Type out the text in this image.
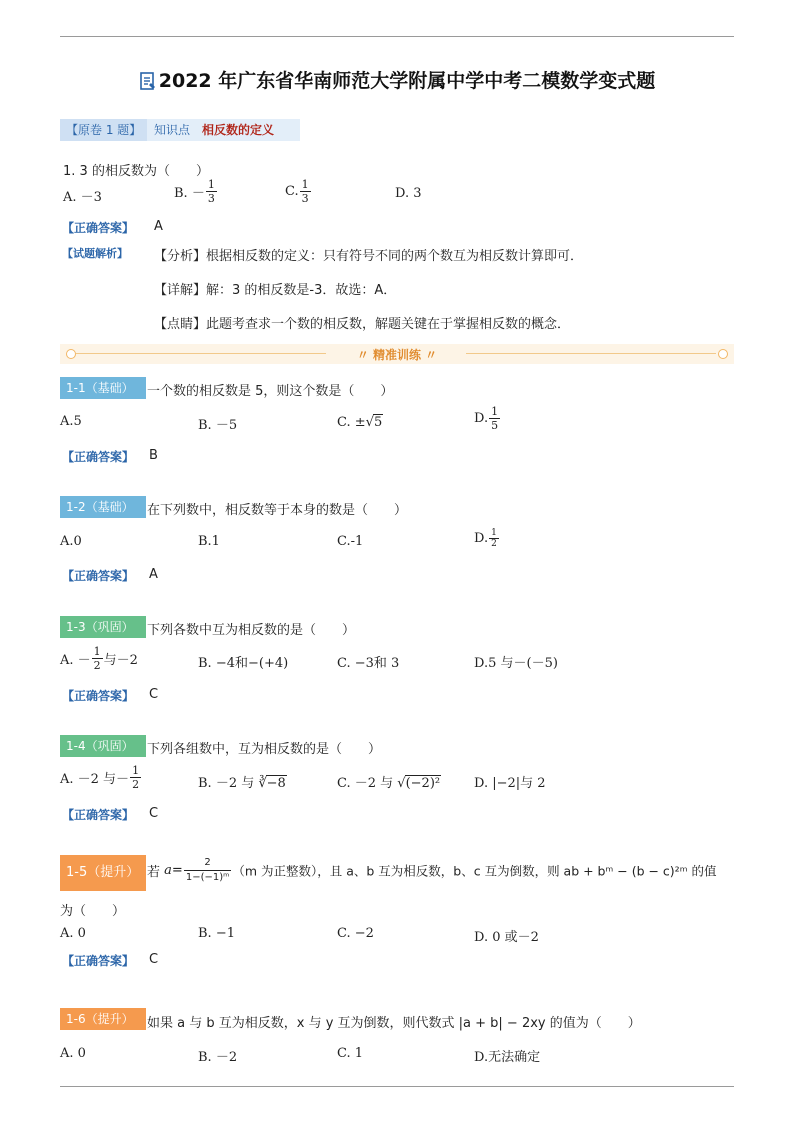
2022 年广东省华南师范大学附属中学中考二模数学变式题
【原卷 1 题】	知识点 相反数的定义
1. 3 的相反数为（　　）
A. －3	B. － $\frac{1}{3}$	C. $\frac{1}{3}$	D. 3
【正确答案】 A
【试题解析】 【分析】根据相反数的定义：只有符号不同的两个数互为相反数计算即可．
【详解】解：3 的相反数是-3．故选：A．
【点睛】此题考查求一个数的相反数，解题关键在于掌握相反数的概念．
〃 精准训练 〃
1-1（基础）	一个数的相反数是 5，则这个数是（　　）
A.5	B. －5	C. ±√5	D. $\frac{1}{5}$
【正确答案】 B
1-2（基础）	在下列数中，相反数等于本身的数是（　　）
A.0	B.1	C.-1	D. $\frac{1}{2}$
【正确答案】 A
1-3（巩固）	下列各数中互为相反数的是（　　）
A. － $\frac{1}{2}$ 与－2	B. −4和−(+4)	C. −3和 3	D.5 与－(－5)
【正确答案】 C
1-4（巩固）	下列各组数中，互为相反数的是（　　）
A. －2 与－ $\frac{1}{2}$	B. －2 与 ∛−8	C. －2 与 √(−2)²	D. |−2|与 2
【正确答案】 C
1-5（提升） 若 $a= \frac{2}{\text{1−(−1)ᵐ}} (m$ 为正整数），且 a、b 互为相反数，b、c 互为倒数，则 ab + bᵐ − (b − c)²ᵐ 的值
为（　　）
A. 0	B. −1	C. −2	D. 0 或－2
【正确答案】 C
1-6（提升）	如果 a 与 b 互为相反数，x 与 y 互为倒数，则代数式 |a + b| − 2xy 的值为（　　）
A. 0	B. －2	C. 1	D.无法确定
